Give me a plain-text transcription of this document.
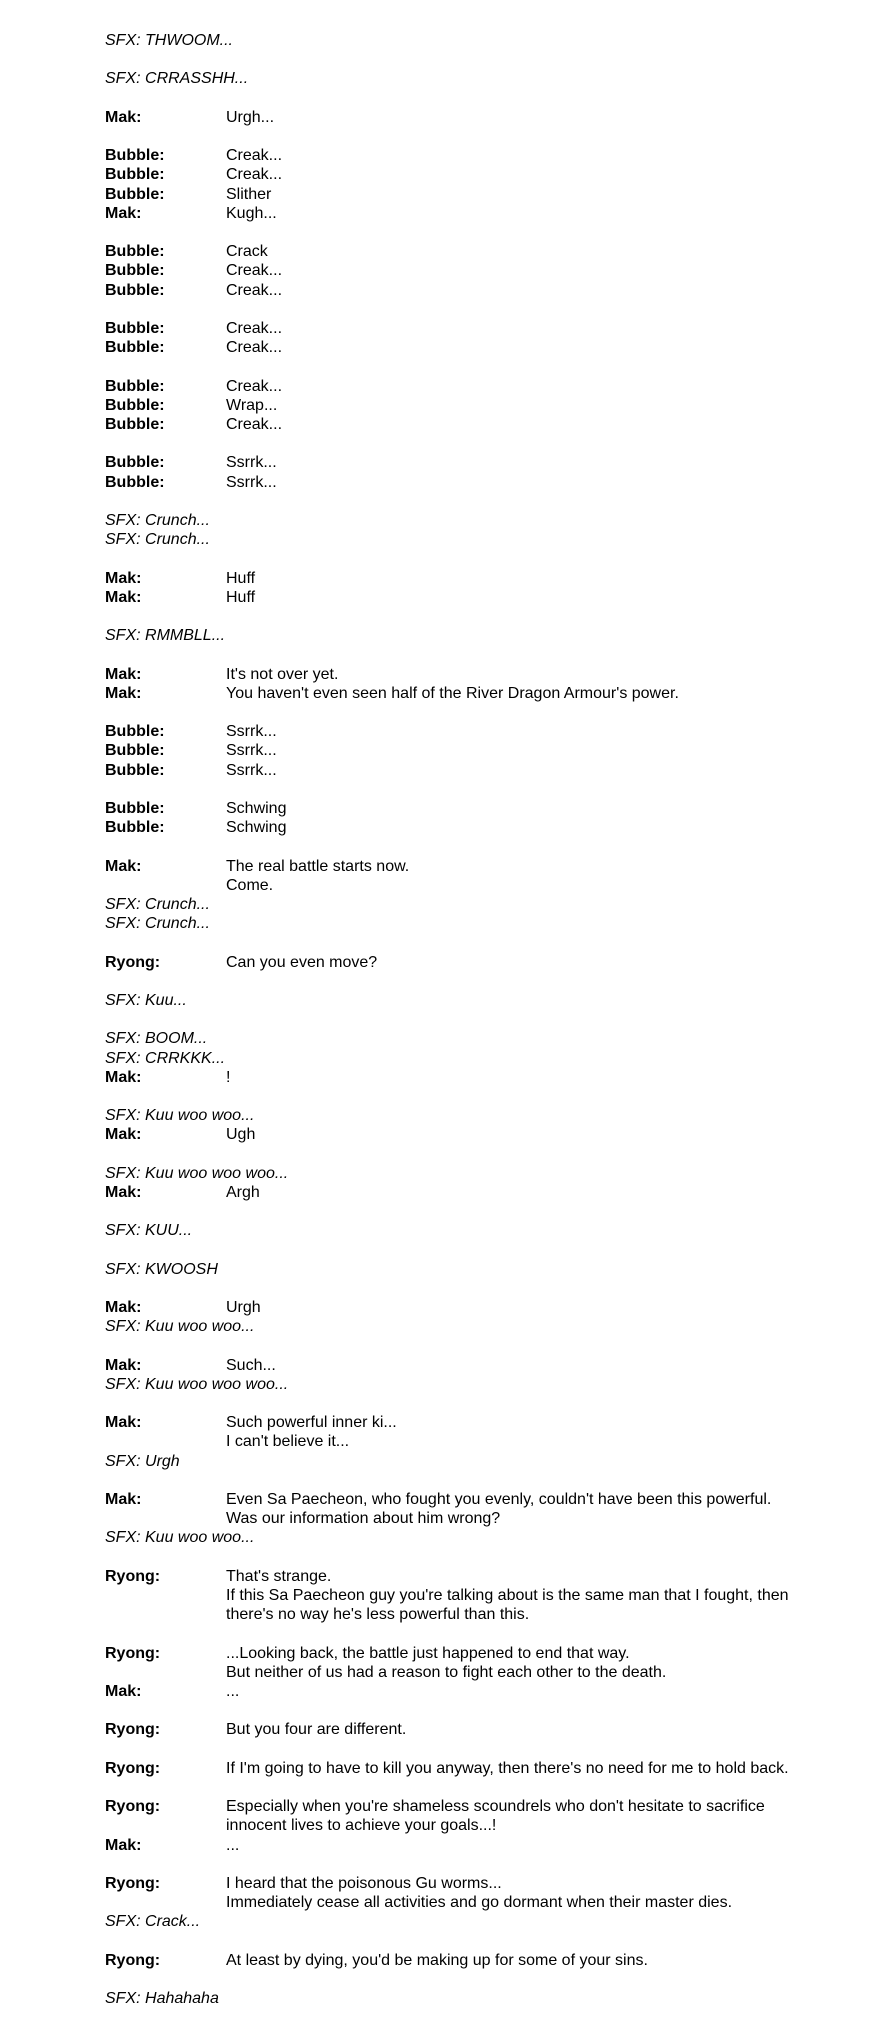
SFX: THWOOM...
SFX: CRRASSHH...
Mak:	Urgh...
Bubble:	Creak...
Bubble:	Creak...
Bubble:	Slither
Mak:	Kugh...
Bubble:	Crack
Bubble:	Creak...
Bubble:	Creak...
Bubble:	Creak...
Bubble:	Creak...
Bubble:	Creak...
Bubble:	Wrap...
Bubble:	Creak...
Bubble:	Ssrrk...
Bubble:	Ssrrk...
SFX: Crunch...
SFX: Crunch...
Mak:	Huff
Mak:	Huff
SFX: RMMBLL...
Mak:	It's not over yet.
Mak:	You haven't even seen half of the River Dragon Armour's power.
Bubble:	Ssrrk...
Bubble:	Ssrrk...
Bubble:	Ssrrk...
Bubble:	Schwing
Bubble:	Schwing
Mak:	The real battle starts now.
Come.
SFX: Crunch...
SFX: Crunch...
Ryong:	Can you even move?
SFX: Kuu...
SFX: BOOM...
SFX: CRRKKK...
Mak:	!
SFX: Kuu woo woo...
Mak:	Ugh
SFX: Kuu woo woo woo...
Mak:	Argh
SFX: KUU...
SFX: KWOOSH
Mak:	Urgh
SFX: Kuu woo woo...
Mak:	Such...
SFX: Kuu woo woo woo...
Mak:	Such powerful inner ki...
I can't believe it...
SFX: Urgh
Mak:	Even Sa Paecheon, who fought you evenly, couldn't have been this powerful.
Was our information about him wrong?
SFX: Kuu woo woo...
Ryong:	That's strange.
If this Sa Paecheon guy you're talking about is the same man that I fought, then there's no way he's less powerful than this.
Ryong:	...Looking back, the battle just happened to end that way.
But neither of us had a reason to fight each other to the death.
Mak:	...
Ryong:	But you four are different.
Ryong:	If I'm going to have to kill you anyway, then there's no need for me to hold back.
Ryong:	Especially when you're shameless scoundrels who don't hesitate to sacrifice innocent lives to achieve your goals...!
Mak:	...
Ryong:	I heard that the poisonous Gu worms...
Immediately cease all activities and go dormant when their master dies.
SFX: Crack...
Ryong:	At least by dying, you'd be making up for some of your sins.
SFX: Hahahaha
